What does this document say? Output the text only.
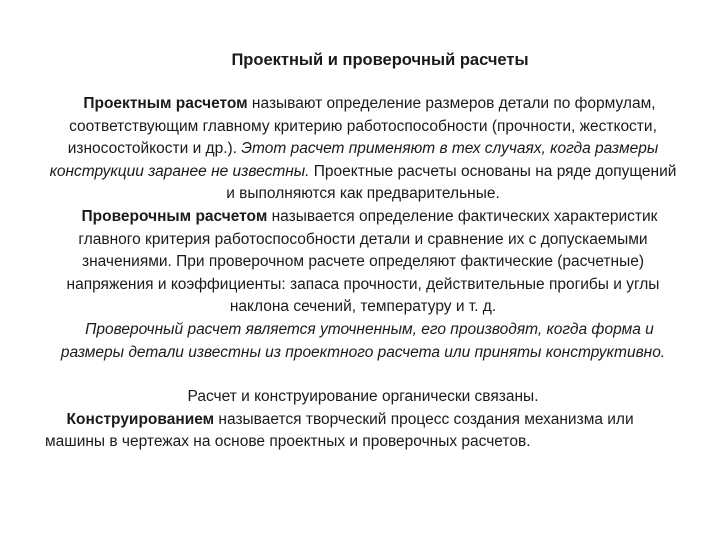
Проектный и проверочный расчеты

Проектным расчетом называют определение размеров детали по формулам, соответствующим главному критерию работоспособности (прочности, жесткости, износостойкости и др.). Этот расчет применяют в тех случаях, когда размеры конструкции заранее не известны. Проектные расчеты основаны на ряде допущений и выполняются как предварительные.

Проверочным расчетом называется определение фактических характеристик главного критерия работоспособности детали и сравнение их с допускаемыми значениями. При проверочном расчете определяют фактические (расчетные) напряжения и коэффициенты: запаса прочности, действительные прогибы и углы наклона сечений, температуру и т. д.

Проверочный расчет является уточненным, его производят, когда форма и размеры детали известны из проектного расчета или приняты конструктивно.

Расчет и конструирование органически связаны.

Конструированием называется творческий процесс создания механизма или машины в чертежах на основе проектных и проверочных расчетов.
